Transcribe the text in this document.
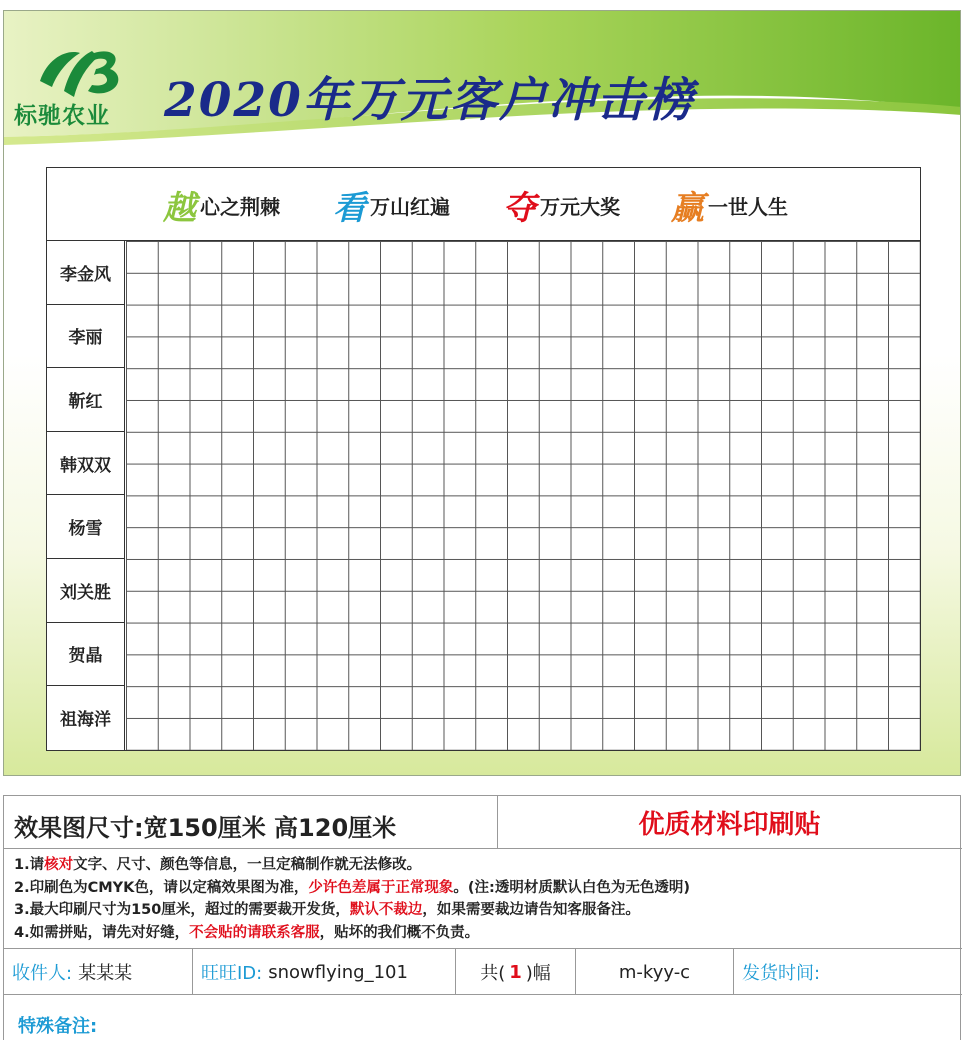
标驰农业 2020年万元客户冲击榜
越心之荆棘 看万山红遍 夺万元大奖 赢一世人生
李金风
李丽
靳红
韩双双
杨雪
刘关胜
贺晶
祖海洋
效果图尺寸:宽150厘米 高120厘米	优质材料印刷贴
1.请核对文字、尺寸、颜色等信息，一旦定稿制作就无法修改。
2.印刷色为CMYK色，请以定稿效果图为准，少许色差属于正常现象。(注:透明材质默认白色为无色透明)
3.最大印刷尺寸为150厘米，超过的需要裁开发货，默认不裁边，如果需要裁边请告知客服备注。
4.如需拼贴，请先对好缝，不会贴的请联系客服，贴坏的我们概不负责。
收件人: 某某某	旺旺ID: snowflying_101	共( 1 )幅	m-kyy-c	发货时间:
特殊备注:
